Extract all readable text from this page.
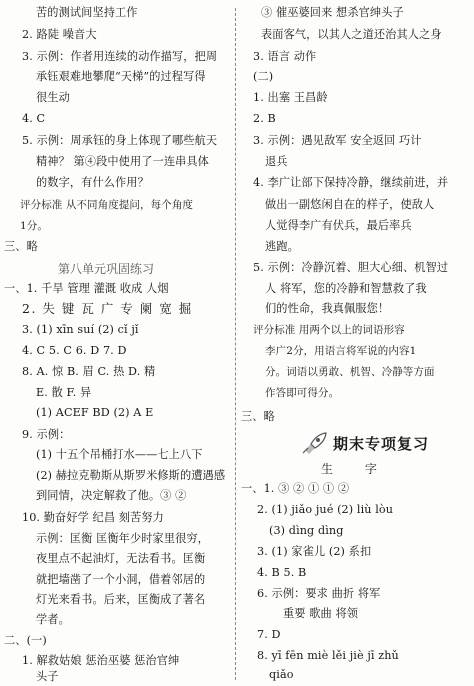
苦的测试间坚持工作
2. 路陡 噪音大
3. 示例：作者用连续的动作描写，把周
承钰艰难地攀爬“天梯”的过程写得
很生动
4. C
5. 示例：周承钰的身上体现了哪些航天
精神？ 第④段中使用了一连串具体
的数字，有什么作用？
评分标准 从不同角度提问，每个角度
1分。
三、略
第八单元巩固练习
一、1. 千旱 管理 灌溉 收成 人烟
2. 失 键 瓦 广 专 阑 宽 掘
3. (1) xīn suí (2) cǐ jǐ
4. C 5. C 6. D 7. D
8. A. 惊 B. 眉 C. 热 D. 精
E. 散 F. 异
(1) ACEF BD (2) A E
9. 示例：
(1) 十五个吊桶打水——七上八下
(2) 赫拉克勒斯从斯罗米修斯的遭遇感
到同情，决定解救了他。③ ②
10. 勤奋好学 纪昌 刻苦努力
示例：匡衡 匡衡年少时家里很穷，
夜里点不起油灯，无法看书。匡衡
就把墙凿了一个小洞，借着邻居的
灯光来看书。后来，匡衡成了著名
学者。
二、(一)
1. 解救姑娘 惩治巫婆 惩治官绅
头子
③ 催巫婆回来 想杀官绅头子
表面客气，以其人之道还治其人之身
3. 语言 动作
(二)
1. 出塞 王昌龄
2. B
3. 示例：遇见敌军 安全返回 巧计
退兵
4. 李广让部下保持冷静，继续前进，并
做出一副悠闲自在的样子，使敌人
人觉得李广有伏兵，最后率兵
逃跑。
5. 示例：冷静沉着、胆大心细、机智过
人 将军，您的冷静和智慧救了我
们的性命，我真佩服您！
评分标准 用两个以上的词语形容
李广2分，用语言将军说的内容1
分。词语以勇敢、机智、冷静等方面
作答即可得分。
三、略
期末专项复习
生 字
一、1. ③ ② ① ① ②
2. (1) jiǎo jué (2) liù lòu
(3) dìng dìng
3. (1) 家雀儿 (2) 系扣
4. B 5. B
6. 示例：要求 曲折 将军
重要 歌曲 将领
7. D
8. yī fēn miè lěi jiè jī zhǔ
qiǎo
